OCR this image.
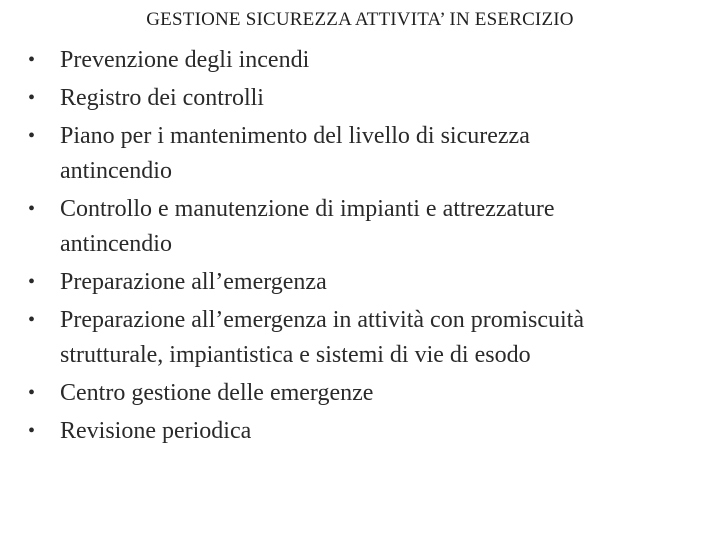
GESTIONE SICUREZZA ATTIVITA’ IN ESERCIZIO
•	Prevenzione degli incendi
•	Registro dei controlli
•	Piano per i mantenimento del livello di sicurezza
antincendio
•	Controllo e manutenzione di impianti e attrezzature
antincendio
•	Preparazione all’emergenza
•	Preparazione all’emergenza in attività con promiscuità
strutturale, impiantistica e sistemi di vie di esodo
•	Centro gestione delle emergenze
•	Revisione periodica
